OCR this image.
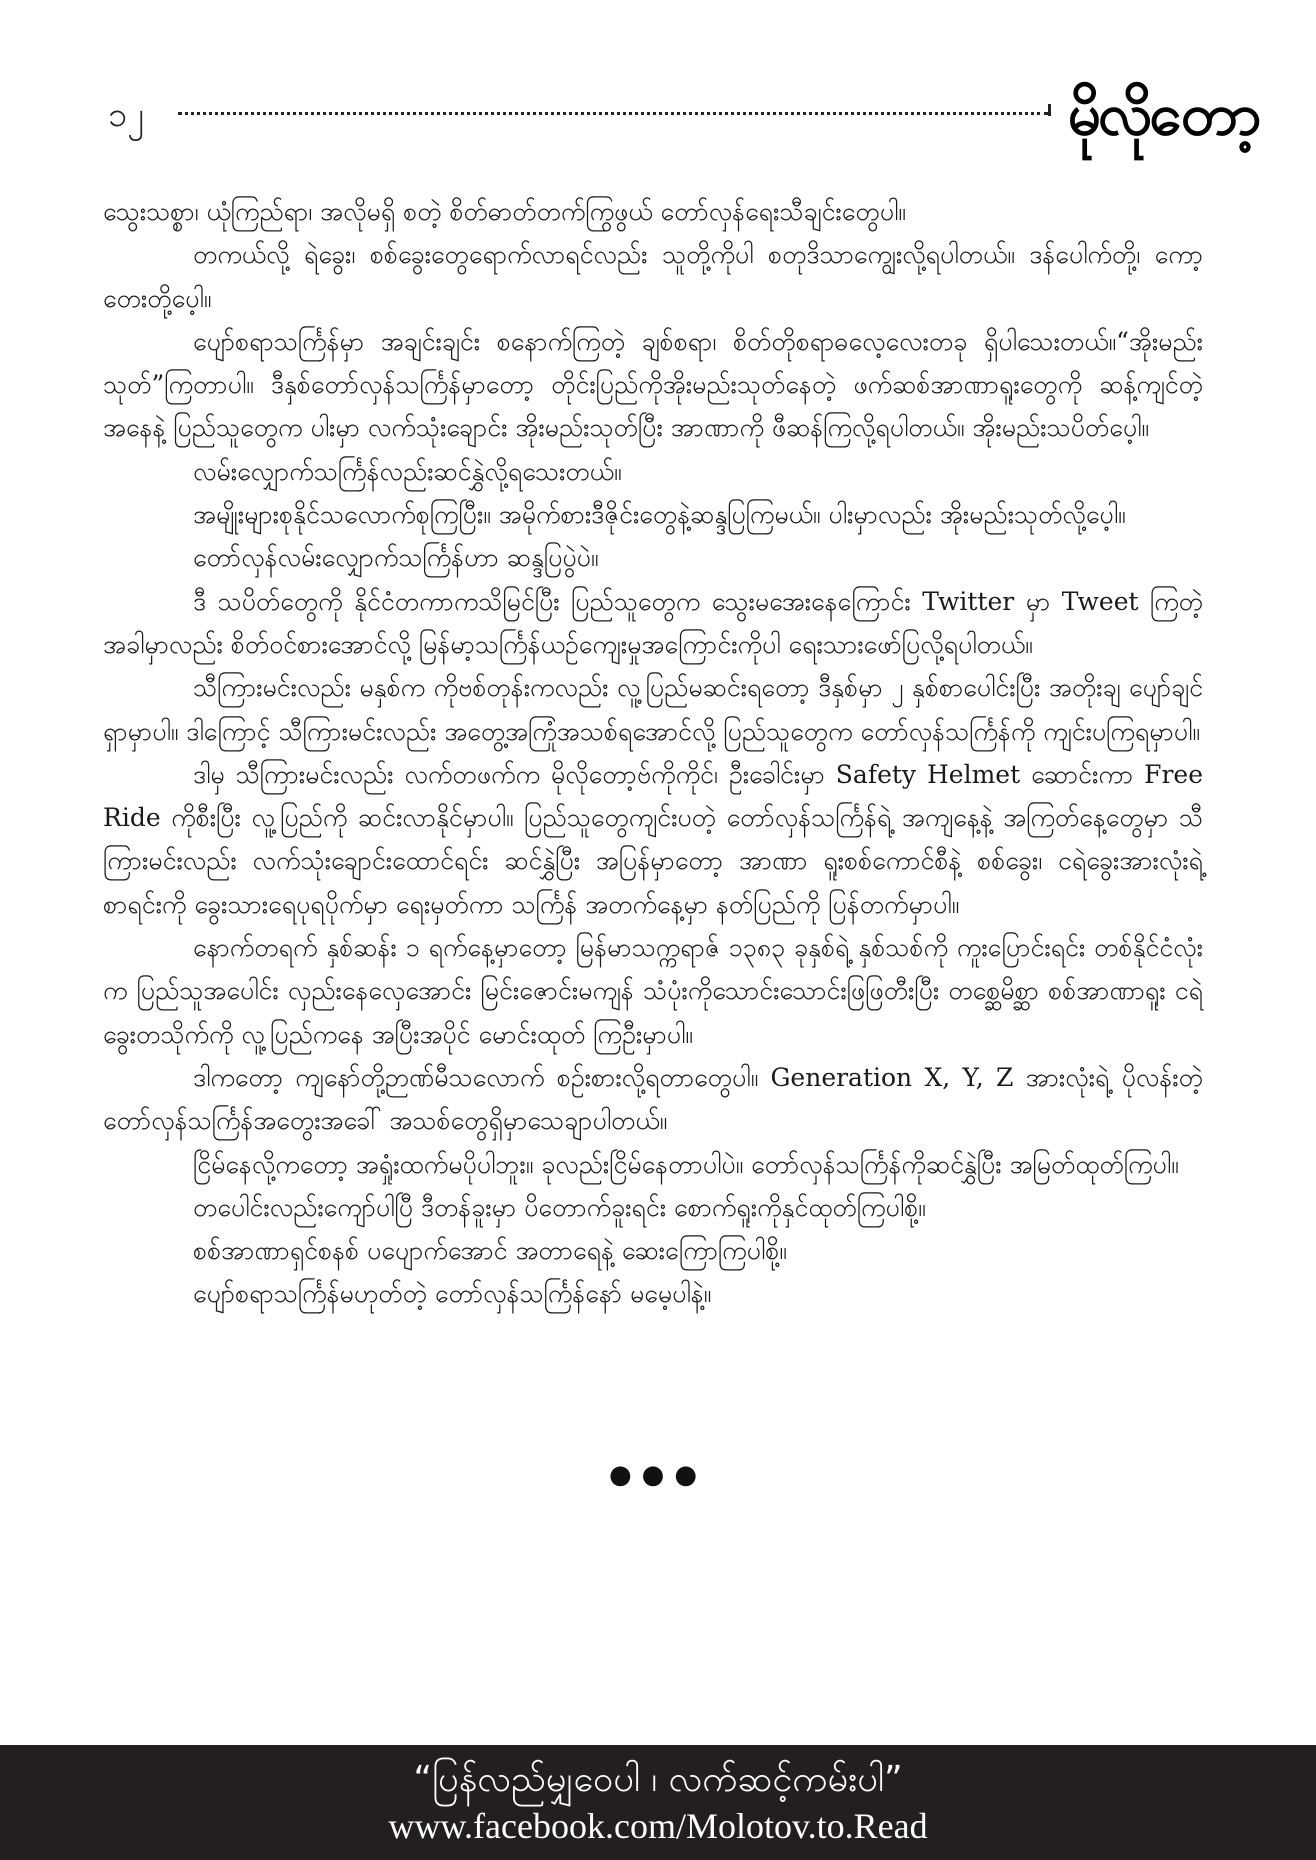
၁၂	မိုလိုတော့

သွေးသစ္စာ၊ ယုံကြည်ရာ၊ အလိုမရှိ စတဲ့ စိတ်ဓာတ်တက်ကြွဖွယ် တော်လှန်ရေးသီချင်းတွေပါ။

တကယ်လို့ ရဲခွေး၊ စစ်ခွေးတွေရောက်လာရင်လည်း သူတို့ကိုပါ စတုဒိသာကျွေးလို့ရပါတယ်။ ဒန်ပေါက်တို့၊ ကော့တေးတို့ပေ့ါ။

ပျော်စရာသင်္ကြန်မှာ အချင်းချင်း စနောက်ကြတဲ့ ချစ်စရာ၊ စိတ်တိုစရာဓလေ့လေးတခု ရှိပါသေးတယ်။“အိုးမည်းသုတ်”ကြတာပါ။ ဒီနှစ်တော်လှန်သင်္ကြန်မှာတော့ တိုင်းပြည်ကိုအိုးမည်းသုတ်နေတဲ့ ဖက်ဆစ်အာဏာရူးတွေကို ဆန့်ကျင်တဲ့အနေနဲ့ ပြည်သူတွေက ပါးမှာ လက်သုံးချောင်း အိုးမည်းသုတ်ပြီး အာဏာကို ဖီဆန်ကြလို့ရပါတယ်။ အိုးမည်းသပိတ်ပေ့ါ။

လမ်းလျှောက်သင်္ကြန်လည်းဆင်နွှဲလို့ရသေးတယ်။

အမျိုးများစုနိုင်သလောက်စုကြပြီး။ အမိုက်စားဒီဇိုင်းတွေနဲ့ဆန္ဒပြကြမယ်။ ပါးမှာလည်း အိုးမည်းသုတ်လို့ပေ့ါ။

တော်လှန်လမ်းလျှောက်သင်္ကြန်ဟာ ဆန္ဒပြပွဲပဲ။

ဒီ သပိတ်တွေကို နိုင်ငံတကာကသိမြင်ပြီး ပြည်သူတွေက သွေးမအေးနေကြောင်း Twitter မှာ Tweet ကြတဲ့အခါမှာလည်း စိတ်ဝင်စားအောင်လို့ မြန်မာ့သင်္ကြန်ယဉ်ကျေးမှုအကြောင်းကိုပါ ရေးသားဖော်ပြလို့ရပါတယ်။

သီကြားမင်းလည်း မနှစ်က ကိုဗစ်တုန်းကလည်း လူ့ပြည်မဆင်းရတော့ ဒီနှစ်မှာ ၂ နှစ်စာပေါင်းပြီး အတိုးချ ပျော်ချင်ရှာမှာပါ။ ဒါကြောင့် သီကြားမင်းလည်း အတွေ့အကြုံအသစ်ရအောင်လို့ ပြည်သူတွေက တော်လှန်သင်္ကြန်ကို ကျင်းပကြရမှာပါ။

ဒါမှ သီကြားမင်းလည်း လက်တဖက်က မိုလိုတော့ဗ်ကိုကိုင်၊ ဦးခေါင်းမှာ Safety Helmet ဆောင်းကာ Free Ride ကိုစီးပြီး လူ့ပြည်ကို ဆင်းလာနိုင်မှာပါ။ ပြည်သူတွေကျင်းပတဲ့ တော်လှန်သင်္ကြန်ရဲ့ အကျနေ့နဲ့ အကြတ်နေ့တွေမှာ သီကြားမင်းလည်း လက်သုံးချောင်းထောင်ရင်း ဆင်နွှဲပြီး အပြန်မှာတော့ အာဏာ ရူးစစ်ကောင်စီနဲ့ စစ်ခွေး၊ ငရဲခွေးအားလုံးရဲ့ စာရင်းကို ခွေးသားရေပုရပိုက်မှာ ရေးမှတ်ကာ သင်္ကြန် အတက်နေ့မှာ နတ်ပြည်ကို ပြန်တက်မှာပါ။

နောက်တရက် နှစ်ဆန်း ၁ ရက်နေ့မှာတော့ မြန်မာသက္ကရာဇ် ၁၃၈၃ ခုနှစ်ရဲ့ နှစ်သစ်ကို ကူးပြောင်းရင်း တစ်နိုင်ငံလုံးက ပြည်သူအပေါင်း လှည်းနေလှေအောင်း မြင်းဇောင်းမကျန် သံပုံးကိုသောင်းသောင်းဖြဖြတီးပြီး တစ္ဆေမိစ္ဆာ စစ်အာဏာရူး ငရဲခွေးတသိုက်ကို လူ့ပြည်ကနေ အပြီးအပိုင် မောင်းထုတ် ကြဦးမှာပါ။

ဒါကတော့ ကျနော်တို့ဉာဏ်မီသလောက် စဉ်းစားလို့ရတာတွေပါ။ Generation X, Y, Z အားလုံးရဲ့ ပိုလန်းတဲ့ တော်လှန်သင်္ကြန်အတွေးအခေါ် အသစ်တွေရှိမှာသေချာပါတယ်။

ငြိမ်နေလို့ကတော့ အရှုံးထက်မပိုပါဘူး။ ခုလည်းငြိမ်နေတာပါပဲ။ တော်လှန်သင်္ကြန်ကိုဆင်နွှဲပြီး အမြတ်ထုတ်ကြပါ။

တပေါင်းလည်းကျော်ပါပြီ ဒီတန်ခူးမှာ ပိတောက်ခူးရင်း စောက်ရူးကိုနှင်ထုတ်ကြပါစို့။

စစ်အာဏာရှင်စနစ် ပပျောက်အောင် အတာရေနဲ့ ဆေးကြောကြပါစို့။

ပျော်စရာသင်္ကြန်မဟုတ်တဲ့ တော်လှန်သင်္ကြန်နော် မမေ့ပါနဲ့။

●●●
“ပြန်လည်မျှဝေပါ ၊ လက်ဆင့်ကမ်းပါ”
www.facebook.com/Molotov.to.Read
